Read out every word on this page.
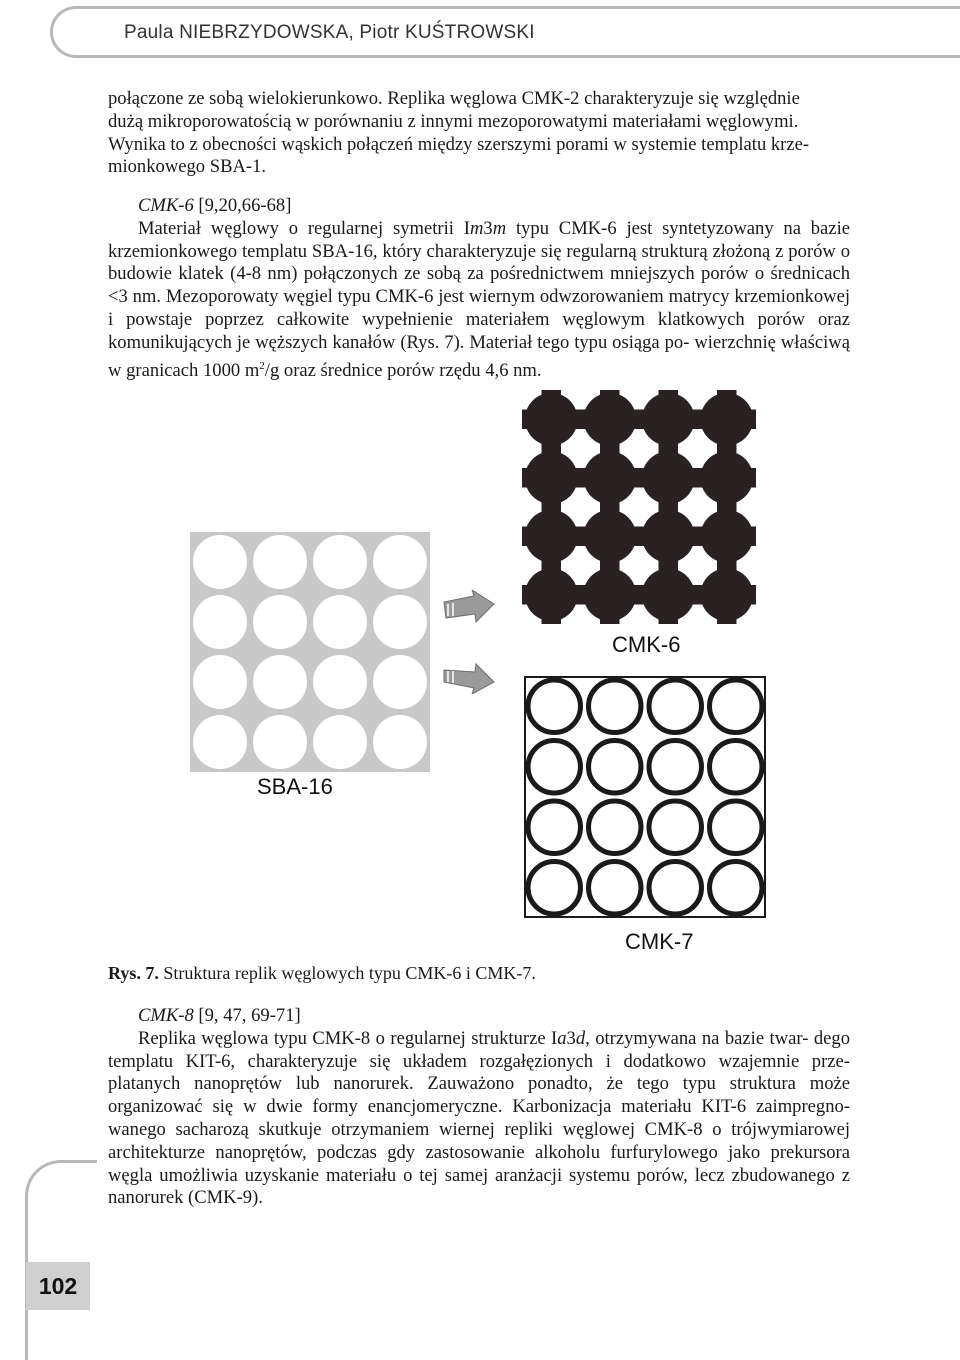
Paula NIEBRZYDOWSKA, Piotr KUŚTROWSKI

połączone ze sobą wielokierunkowo. Replika węglowa CMK-2 charakteryzuje się względnie

dużą mikroporowatością w porównaniu z innymi mezoporowatymi materiałami węglowymi.

Wynika to z obecności wąskich połączeń między szerszymi porami w systemie templatu krze-

mionkowego SBA-1.

CMK-6 [9,20,66-68]

Materiał węglowy o regularnej symetrii Im3m typu CMK-6 jest syntetyzowany na bazie krzemionkowego templatu SBA-16, który charakteryzuje się regularną strukturą złożoną z porów o budowie klatek (4-8 nm) połączonych ze sobą za pośrednictwem mniejszych porów o średnicach <3 nm. Mezoporowaty węgiel typu CMK-6 jest wiernym odwzorowaniem matrycy krzemionkowej i powstaje poprzez całkowite wypełnienie materiałem węglowym klatkowych porów oraz komunikujących je węższych kanałów (Rys. 7). Materiał tego typu osiąga po- wierzchnię właściwą w granicach 1000 $m^2/g$ oraz średnice porów rzędu 4,6 nm.

SBA-16
CMK-6
CMK-7
Rys. 7. Struktura replik węglowych typu CMK-6 i CMK-7.

CMK-8 [9, 47, 69-71]

Replika węglowa typu CMK-8 o regularnej strukturze Ia3d, otrzymywana na bazie twar- dego templatu KIT-6, charakteryzuje się układem rozgałęzionych i dodatkowo wzajemnie prze- platanych nanoprętów lub nanorurek. Zauważono ponadto, że tego typu struktura może organizować się w dwie formy enancjomeryczne. Karbonizacja materiału KIT-6 zaimpregno- wanego sacharozą skutkuje otrzymaniem wiernej repliki węglowej CMK-8 o trójwymiarowej architekturze nanoprętów, podczas gdy zastosowanie alkoholu furfurylowego jako prekursora węgla umożliwia uzyskanie materiału o tej samej aranżacji systemu porów, lecz zbudowanego z nanorurek (CMK-9).

102
